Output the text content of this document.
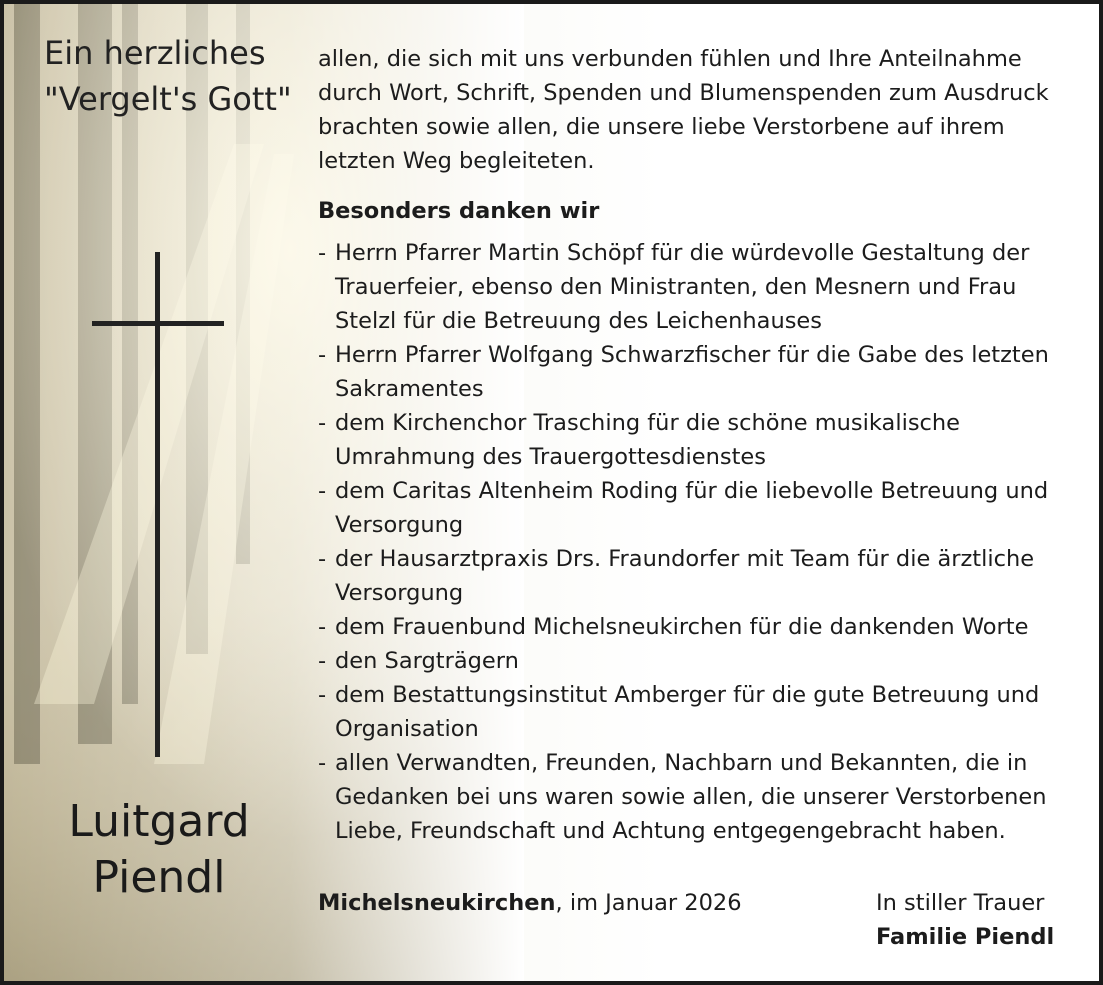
Ein herzliches "Vergelt's Gott"
Luitgard Piendl

allen, die sich mit uns verbunden fühlen und Ihre Anteilnahme durch Wort, Schrift, Spenden und Blumenspenden zum Ausdruck brachten sowie allen, die unsere liebe Verstorbene auf ihrem letzten Weg begleiteten.

Besonders danken wir
- Herrn Pfarrer Martin Schöpf für die würdevolle Gestaltung der Trauerfeier, ebenso den Ministranten, den Mesnern und Frau Stelzl für die Betreuung des Leichenhauses
- Herrn Pfarrer Wolfgang Schwarzfischer für die Gabe des letzten Sakramentes
- dem Kirchenchor Trasching für die schöne musikalische Umrahmung des Trauergottesdienstes
- dem Caritas Altenheim Roding für die liebevolle Betreuung und Versorgung
- der Hausarztpraxis Drs. Fraundorfer mit Team für die ärztliche Versorgung
- dem Frauenbund Michelsneukirchen für die dankenden Worte
- den Sargträgern
- dem Bestattungsinstitut Amberger für die gute Betreuung und Organisation
- allen Verwandten, Freunden, Nachbarn und Bekannten, die in Gedanken bei uns waren sowie allen, die unserer Verstorbenen Liebe, Freundschaft und Achtung entgegengebracht haben.
Michelsneukirchen, im Januar 2026	In stiller Trauer
Familie Piendl
